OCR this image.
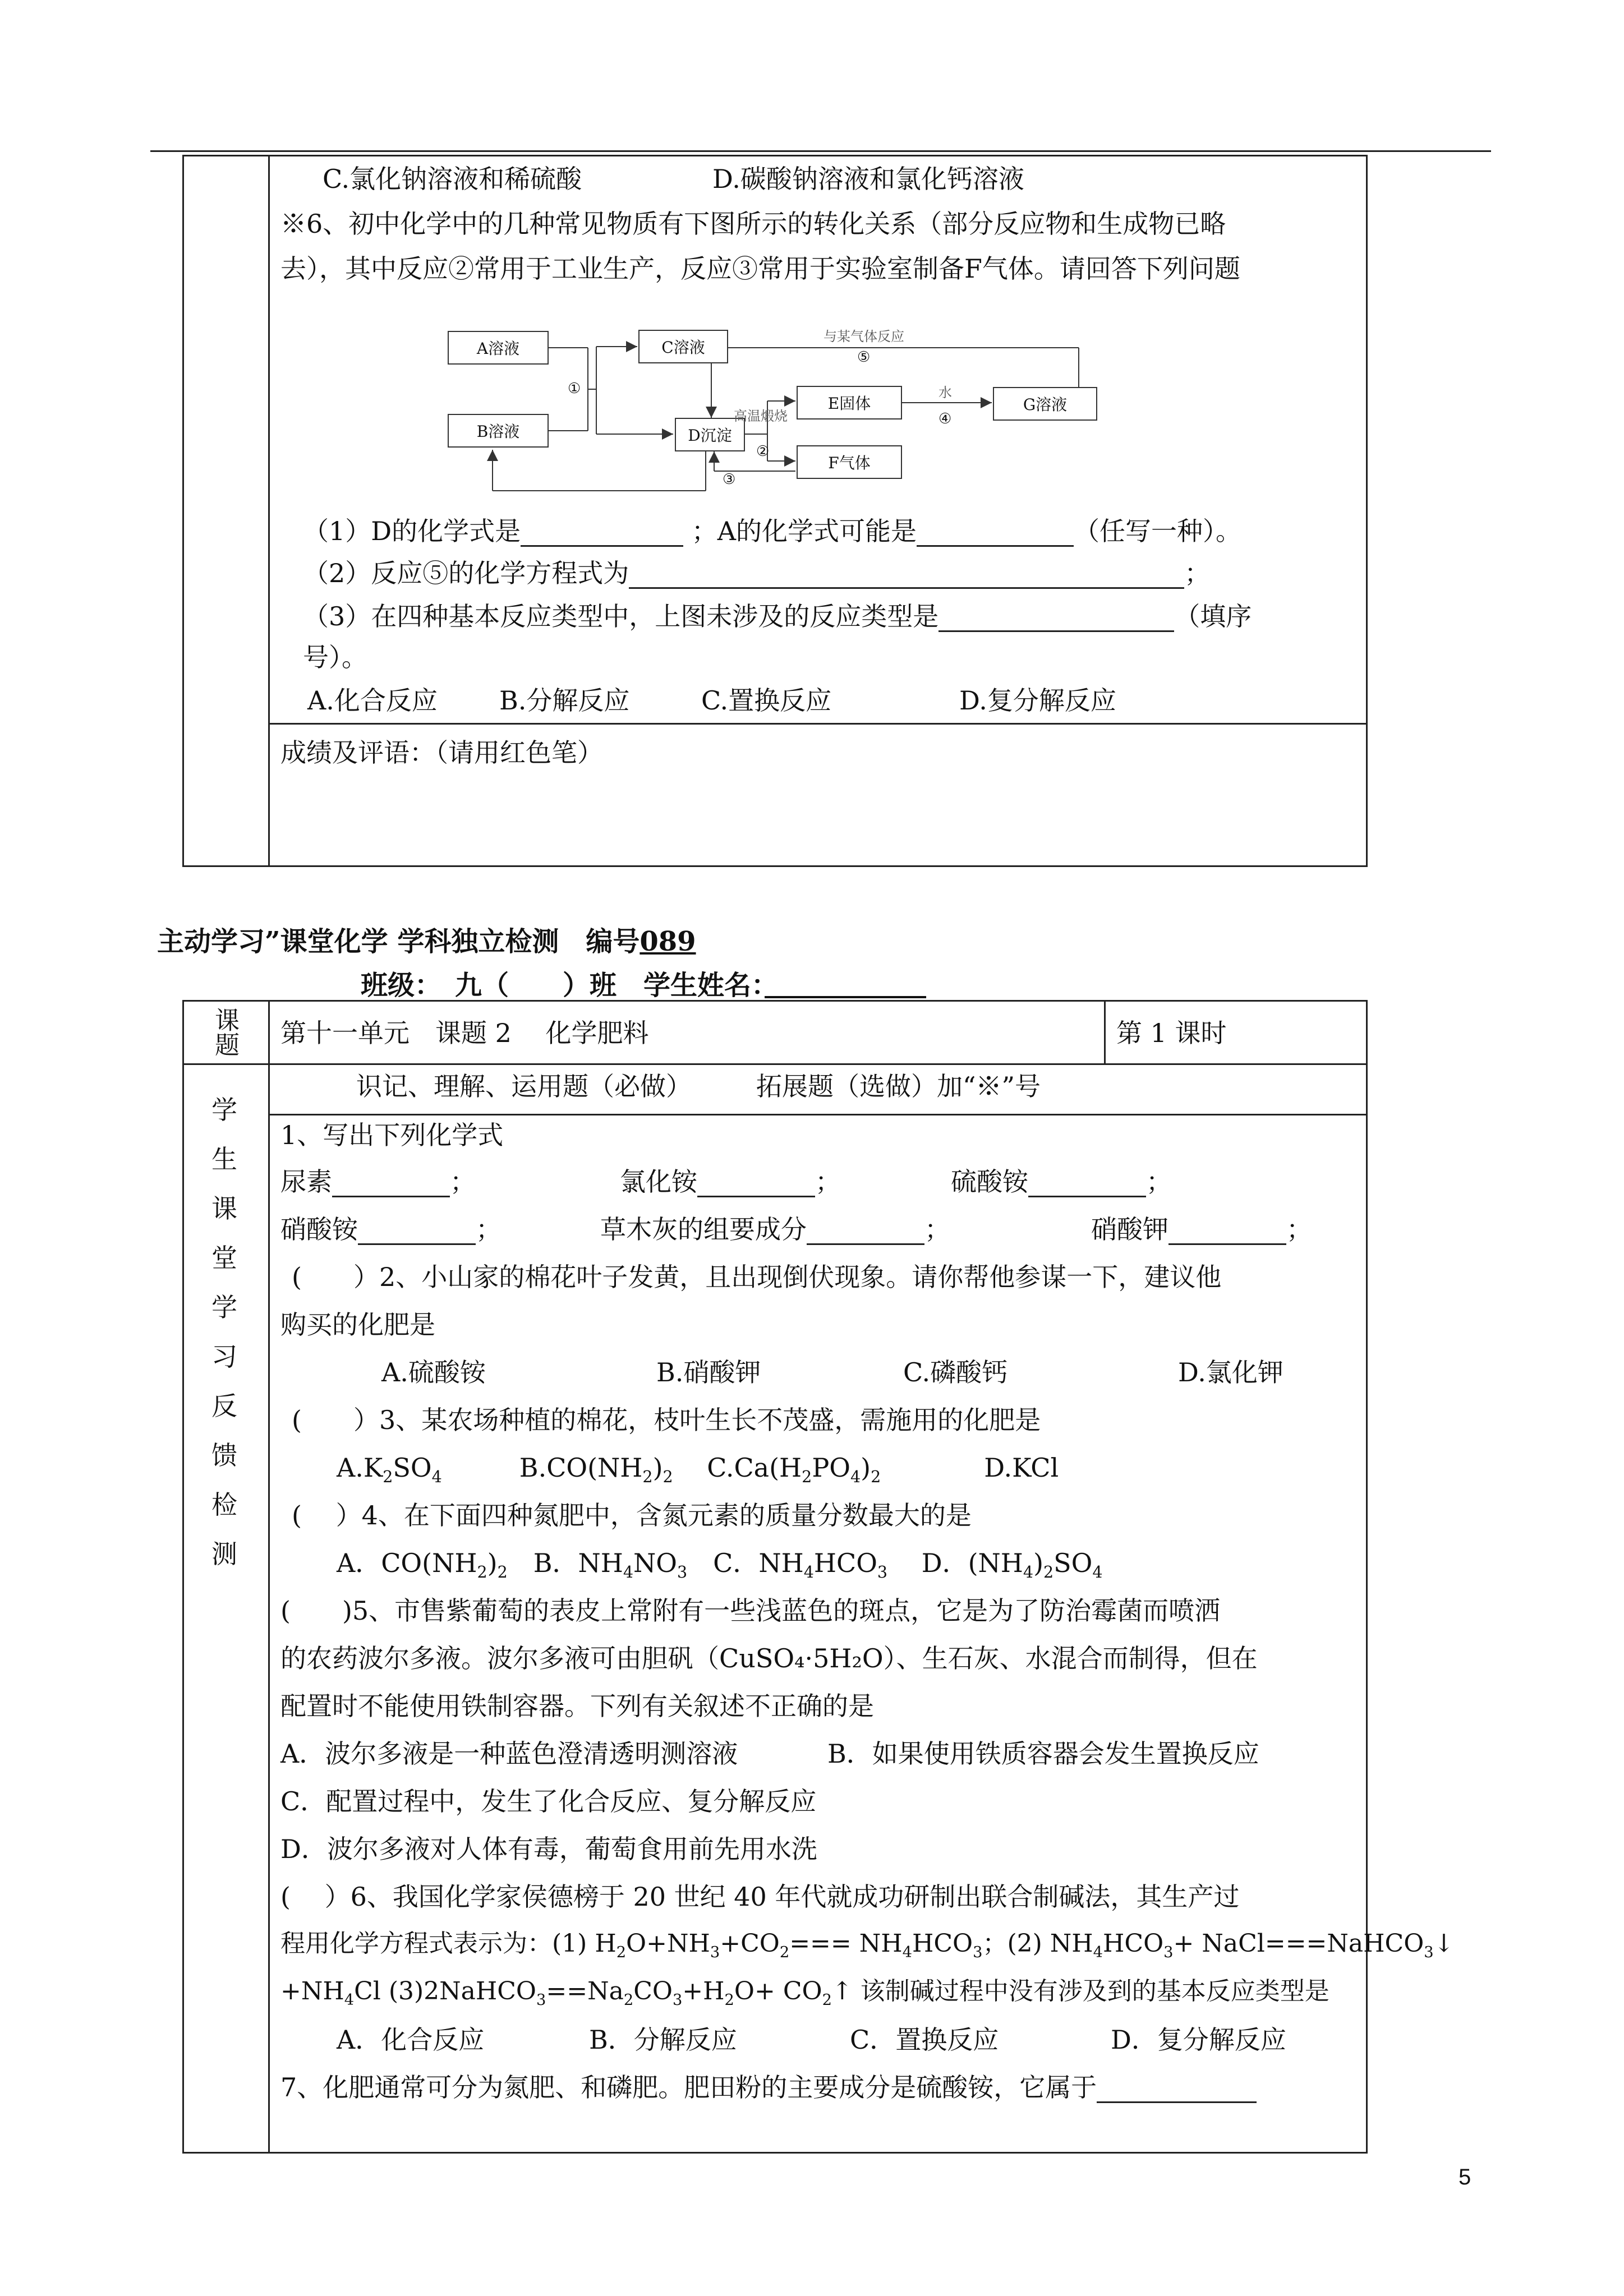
C.氯化钠溶液和稀硫酸	D.碳酸钠溶液和氯化钙溶液
※6、初中化学中的几种常见物质有下图所示的转化关系（部分反应物和生成物已略
去），其中反应②常用于工业生产，反应③常用于实验室制备F气体。请回答下列问题
A溶液
B溶液
C溶液
D沉淀
E固体
F气体
G溶液
①
②
③
④
⑤
与某气体反应
高温煅烧
水
（1）D的化学式是	；A的化学式可能是	（任写一种）。
（2）反应⑤的化学方程式为	；
（3）在四种基本反应类型中，上图未涉及的反应类型是	（填序
号）。
A.化合反应 B.分解反应	C.置换反应	D.复分解反应
成绩及评语：（请用红色笔）
主动学习”课堂化学 学科独立检测　编号089
班级：　九（　　）班　学生姓名：　　　　　　
课题	第十一单元　课题 2　 化学肥料	第 1 课时
学
生
课
堂
学
习
反
馈
检
测
识记、理解、运用题（必做）　　　拓展题（选做）加“※”号
1、写出下列化学式
尿素	；	氯化铵	；	硫酸铵	；
硝酸铵	；	草木灰的组要成分	；	硝酸钾	；
(　　）2、小山家的棉花叶子发黄，且出现倒伏现象。请你帮他参谋一下，建议他
购买的化肥是
A.硫酸铵	B.硝酸钾	C.磷酸钙	D.氯化钾
(　　）3、某农场种植的棉花，枝叶生长不茂盛，需施用的化肥是
$A.K_2SO_4$　　　$B.CO(NH_2)_2$　 $C.Ca(H_2PO_4)_2$　　　　D.KCl
(　 ）4、在下面四种氮肥中，含氮元素的质量分数最大的是
A．$CO(NH_2)_2$　B．$NH_4NO_3$　C．$NH_4HCO_3$　 D．$(NH_4)_2SO_4$
(　　)5、市售紫葡萄的表皮上常附有一些浅蓝色的斑点，它是为了防治霉菌而喷洒
的农药波尔多液。波尔多液可由胆矾（CuSO₄·5H₂O）、生石灰、水混合而制得，但在
配置时不能使用铁制容器。下列有关叙述不正确的是
A．波尔多液是一种蓝色澄清透明测溶液	B．如果使用铁质容器会发生置换反应
C．配置过程中，发生了化合反应、复分解反应
D．波尔多液对人体有毒，葡萄食用前先用水洗
(　 ）6、我国化学家侯德榜于 20 世纪 40 年代就成功研制出联合制碱法，其生产过
程用化学方程式表示为：(1) $H_2O+NH_3+CO_2=== NH_4HCO_3$；(2) $NH_4HCO_3+$ NaCl===NaHCO$_3$↓
$+NH_4Cl$ $(3)2NaHCO_3==Na_2CO_3+H_2O+$ $CO_2↑$ 该制碱过程中没有涉及到的基本反应类型是
A．化合反应	B．分解反应	C．置换反应	D．复分解反应
7、化肥通常可分为氮肥、和磷肥。肥田粉的主要成分是硫酸铵，它属于
5
